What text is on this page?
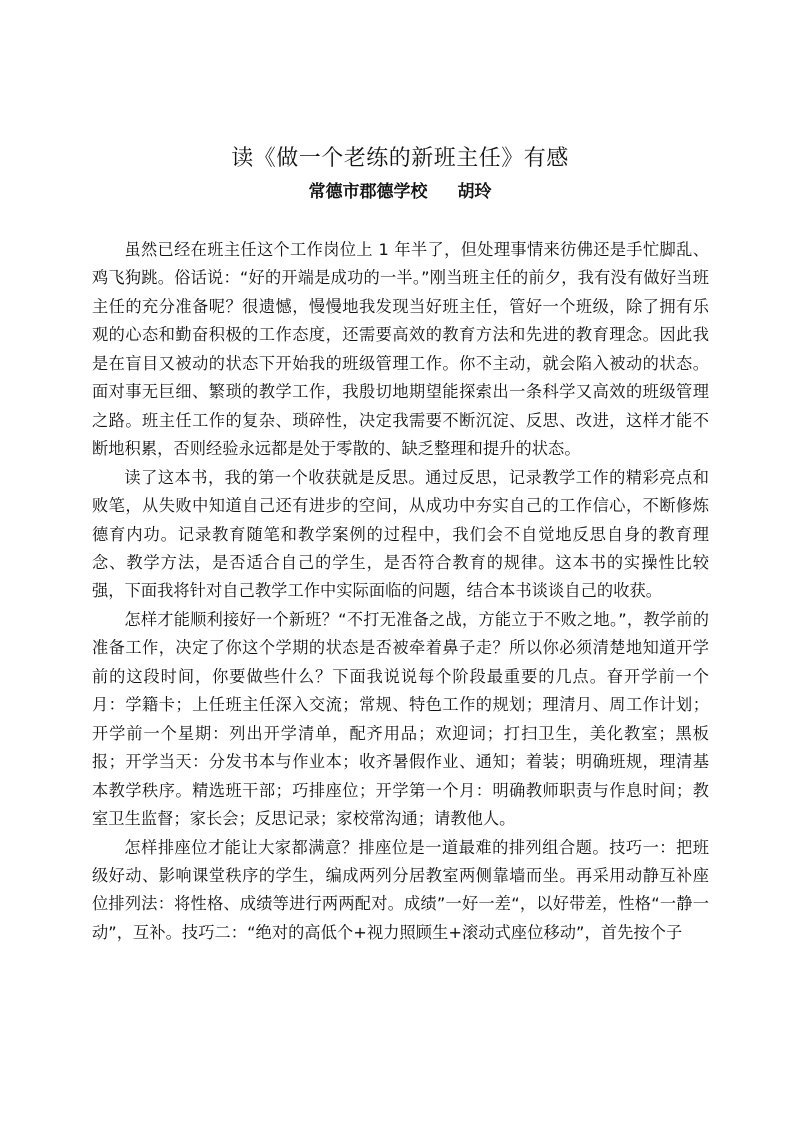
读《做一个老练的新班主任》有感
常德市郡德学校 胡玲

虽然已经在班主任这个工作岗位上 1 年半了，但处理事情来彷佛还是手忙脚乱、鸡飞狗跳。俗话说：“好的开端是成功的一半。”刚当班主任的前夕，我有没有做好当班主任的充分准备呢？很遗憾，慢慢地我发现当好班主任，管好一个班级，除了拥有乐观的心态和勤奋积极的工作态度，还需要高效的教育方法和先进的教育理念。因此我是在盲目又被动的状态下开始我的班级管理工作。你不主动，就会陷入被动的状态。面对事无巨细、繁琐的教学工作，我殷切地期望能探索出一条科学又高效的班级管理之路。班主任工作的复杂、琐碎性，决定我需要不断沉淀、反思、改进，这样才能不断地积累，否则经验永远都是处于零散的、缺乏整理和提升的状态。

读了这本书，我的第一个收获就是反思。通过反思，记录教学工作的精彩亮点和败笔，从失败中知道自己还有进步的空间，从成功中夯实自己的工作信心，不断修炼德育内功。记录教育随笔和教学案例的过程中，我们会不自觉地反思自身的教育理念、教学方法，是否适合自己的学生，是否符合教育的规律。这本书的实操性比较强，下面我将针对自己教学工作中实际面临的问题，结合本书谈谈自己的收获。

怎样才能顺利接好一个新班？“不打无准备之战，方能立于不败之地。”，教学前的准备工作，决定了你这个学期的状态是否被牵着鼻子走？所以你必须清楚地知道开学前的这段时间，你要做些什么？下面我说说每个阶段最重要的几点。眘开学前一个月：学籍卡；上任班主任深入交流；常规、特色工作的规划；理清月、周工作计划；开学前一个星期：列出开学清单，配齐用品；欢迎词；打扫卫生，美化教室；黑板报；开学当天：分发书本与作业本；收齐暑假作业、通知；着装；明确班规，理清基本教学秩序。精选班干部；巧排座位；开学第一个月：明确教师职责与作息时间；教室卫生监督；家长会；反思记录；家校常沟通；请教他人。

怎样排座位才能让大家都满意？排座位是一道最难的排列组合题。技巧一：把班级好动、影响课堂秩序的学生，编成两列分居教室两侧靠墙而坐。再采用动静互补座位排列法：将性格、成绩等进行两两配对。成绩”一好一差“，以好带差，性格“一静一动”，互补。技巧二：“绝对的高低个+视力照顾生+滚动式座位移动”，首先按个子
